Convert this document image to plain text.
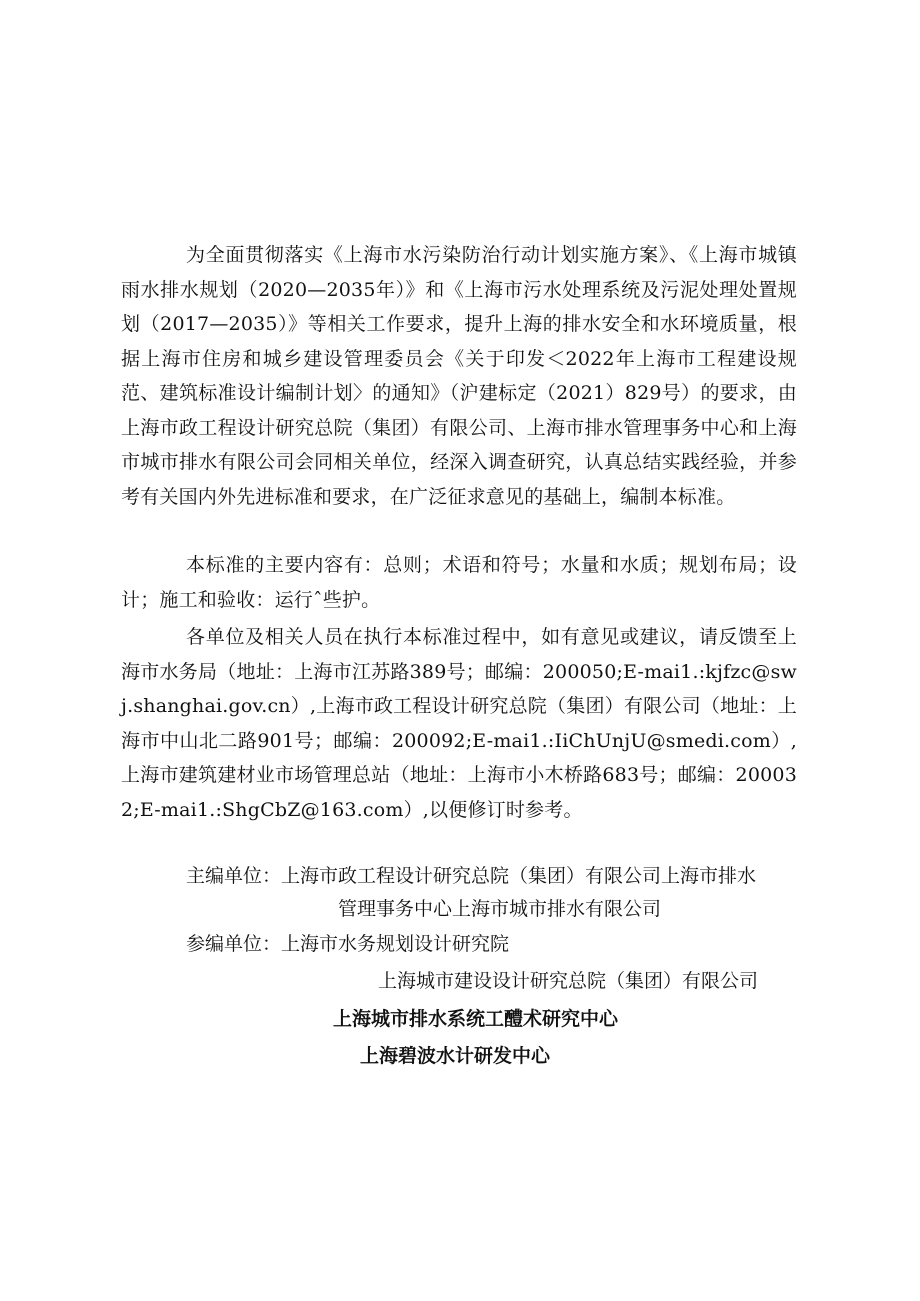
为全面贯彻落实《上海市水污染防治行动计划实施方案》、《上海市城镇雨水排水规划（2020—2035年）》和《上海市污水处理系统及污泥处理处置规划（2017—2035）》等相关工作要求，提升上海的排水安全和水环境质量，根据上海市住房和城乡建设管理委员会《关于印发＜2022年上海市工程建设规范、建筑标准设计编制计划〉的通知》（沪建标定（2021）829号）的要求，由上海市政工程设计研究总院（集团）有限公司、上海市排水管理事务中心和上海市城市排水有限公司会同相关单位，经深入调查研究，认真总结实践经验，并参考有关国内外先进标准和要求，在广泛征求意见的基础上，编制本标准。

本标准的主要内容有：总则；术语和符号；水量和水质；规划布局；设计；施工和验收：运行ˆ些护。

各单位及相关人员在执行本标准过程中，如有意见或建议，请反馈至上海市水务局（地址：上海市江苏路389号；邮编：200050;E-mai1.:kjfzc@swj.shanghai.gov.cn）,上海市政工程设计研究总院（集团）有限公司（地址：上海市中山北二路901号；邮编：200092;E-mai1.:IiChUnjU@smedi.com）,上海市建筑建材业市场管理总站（地址：上海市小木桥路683号；邮编：200032;E-mai1.:ShgCbZ@163.com）,以便修订时参考。

主编单位：上海市政工程设计研究总院（集团）有限公司上海市排水

管理事务中心上海市城市排水有限公司

参编单位：上海市水务规划设计研究院

上海城市建设设计研究总院（集团）有限公司

上海城市排水系统工醴术研究中心

上海碧波水计研发中心
